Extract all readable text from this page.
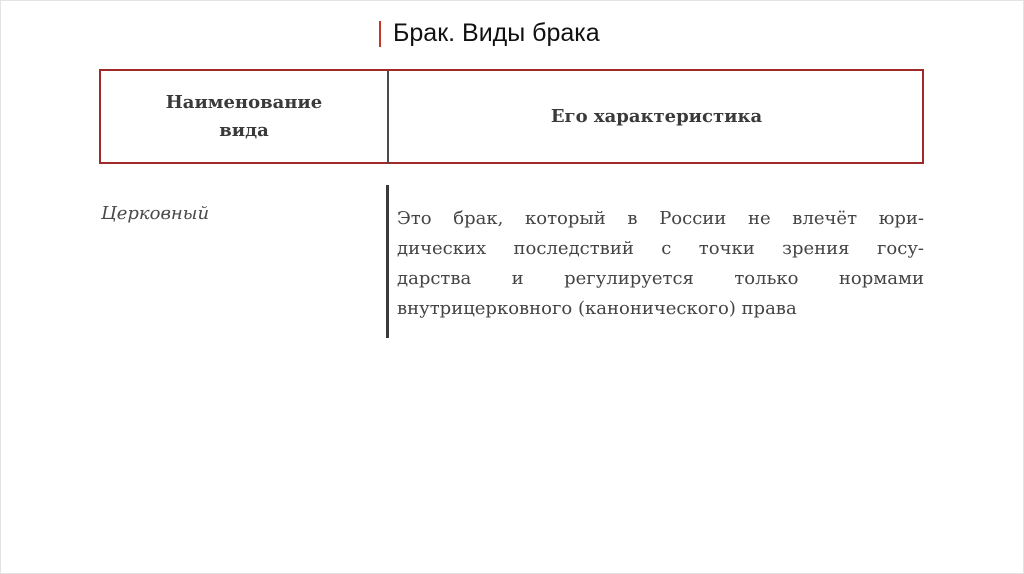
Брак. Виды брака
Наименование
вида
Его характеристика
Церковный	Это брак, который в России не влечёт юри-
дических последствий с точки зрения госу-
дарства и регулируется только нормами
внутрицерковного (канонического) права
